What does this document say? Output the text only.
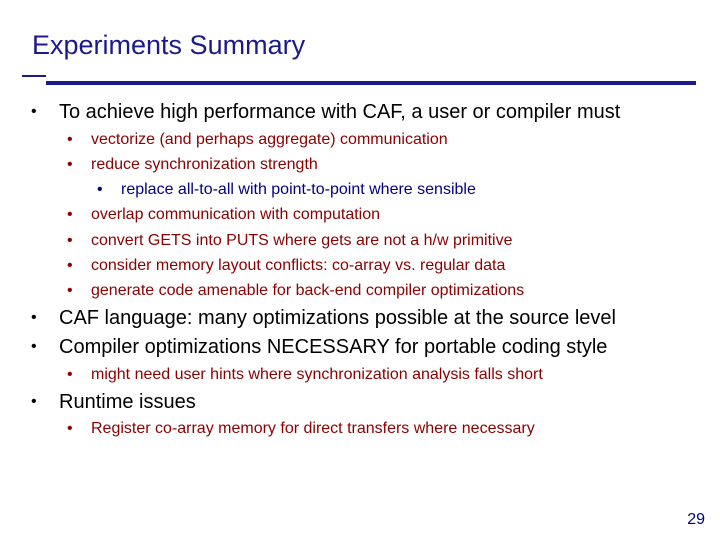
Experiments Summary
• To achieve high performance with CAF, a user or compiler must
• vectorize (and perhaps aggregate) communication
• reduce synchronization strength
• replace all-to-all with point-to-point where sensible
• overlap communication with computation
• convert GETS into PUTS where gets are not a h/w primitive
• consider memory layout conflicts: co-array vs. regular data
• generate code amenable for back-end compiler optimizations
• CAF language: many optimizations possible at the source level
• Compiler optimizations NECESSARY for portable coding style
• might need user hints where synchronization analysis falls short
• Runtime issues
• Register co-array memory for direct transfers where necessary
29
